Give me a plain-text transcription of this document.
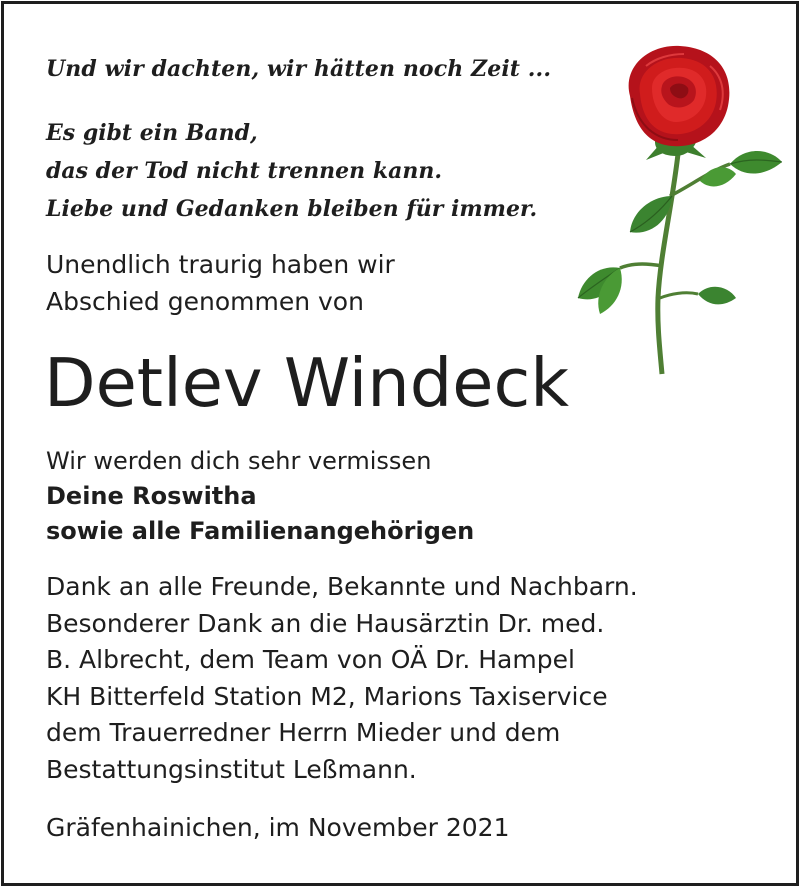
Und wir dachten, wir hätten noch Zeit ...

Es gibt ein Band,
das der Tod nicht trennen kann.
Liebe und Gedanken bleiben für immer.
Unendlich traurig haben wir
Abschied genommen von
Detlev Windeck
Wir werden dich sehr vermissen
Deine Roswitha
sowie alle Familienangehörigen
Dank an alle Freunde, Bekannte und Nachbarn.
Besonderer Dank an die Hausärztin Dr. med.
B. Albrecht, dem Team von OÄ Dr. Hampel
KH Bitterfeld Station M2, Marions Taxiservice
dem Trauerredner Herrn Mieder und dem
Bestattungsinstitut Leßmann.

Gräfenhainichen, im November 2021
